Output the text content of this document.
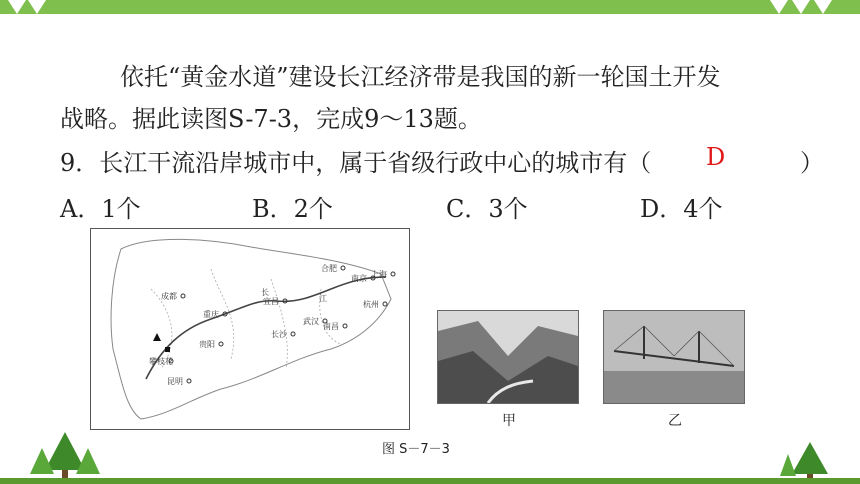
依托“黄金水道”建设长江经济带是我国的新一轮国土开发
战略。据此读图S-7-3，完成9～13题。
9．长江干流沿岸城市中，属于省级行政中心的城市有（ D	）
A．1个	B．2个	C．3个	D．4个
成都
重庆
宜昌
武汉
合肥
南京 上海
杭州
南昌
长沙
贵阳
昆明
攀枝花
长
江
甲	乙
图 S－7－3
